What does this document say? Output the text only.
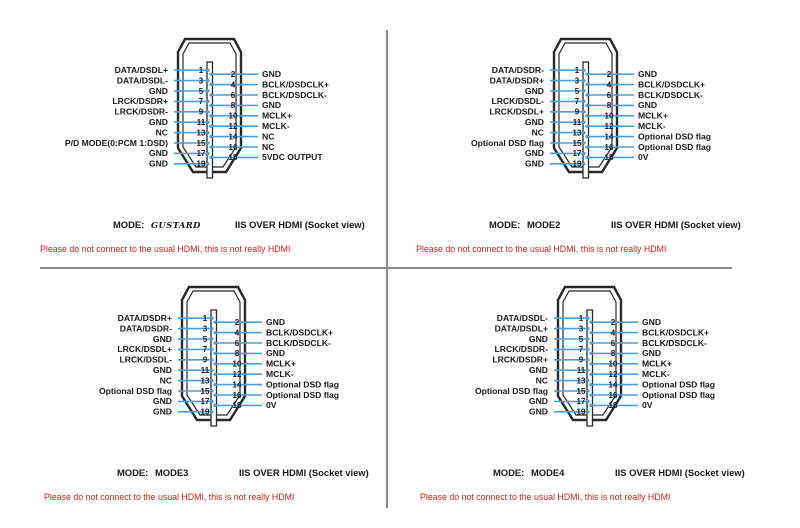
1
DATA/DSDL+
3
DATA/DSDL-
5
GND
7
LRCK/DSDR+
9
LRCK/DSDR-
11
GND
13
NC
15
P/D MODE(0:PCM 1:DSD)
17
GND
19
GND
2	GND
4	BCLK/DSDCLK+
6	BCLK/DSDCLK-
8	GND
10	MCLK+
12	MCLK-
14	NC
16	NC
18	5VDC OUTPUT
MODE: GUSTARD	IIS OVER HDMI (Socket view)
Please do not connect to the usual HDMI, this is not really HDMI
1
DATA/DSDR-
3
DATA/DSDR+
5
GND
7
LRCK/DSDL-
9
LRCK/DSDL+
11
GND
13
NC
15
Optional DSD flag
17
GND
19
GND
2	GND
4	BCLK/DSDCLK+
6	BCLK/DSDCLK-
8	GND
10	MCLK+
12	MCLK-
14	Optional DSD flag
16	Optional DSD flag
18	0V
MODE: MODE2	IIS OVER HDMI (Socket view)
Please do not connect to the usual HDMI, this is not really HDMI
1
DATA/DSDR+
3
DATA/DSDR-
5
GND
7
LRCK/DSDL+
9
LRCK/DSDL-
11
GND
13
NC
15
Optional DSD flag
17
GND
19
GND
2	GND
4	BCLK/DSDCLK+
6	BCLK/DSDCLK-
8	GND
10	MCLK+
12	MCLK-
14	Optional DSD flag
16	Optional DSD flag
18	0V
MODE: MODE3	IIS OVER HDMI (Socket view)
Please do not connect to the usual HDMI, this is not really HDMI
1
DATA/DSDL-
3
DATA/DSDL+
5
GND
7
LRCK/DSDR-
9
LRCK/DSDR+
11
GND
13
NC
15
Optional DSD flag
17
GND
19
GND
2	GND
4	BCLK/DSDCLK+
6	BCLK/DSDCLK-
8	GND
10	MCLK+
12	MCLK-
14	Optional DSD flag
16	Optional DSD flag
18	0V
MODE: MODE4	IIS OVER HDMI (Socket view)
Please do not connect to the usual HDMI, this is not really HDMI
